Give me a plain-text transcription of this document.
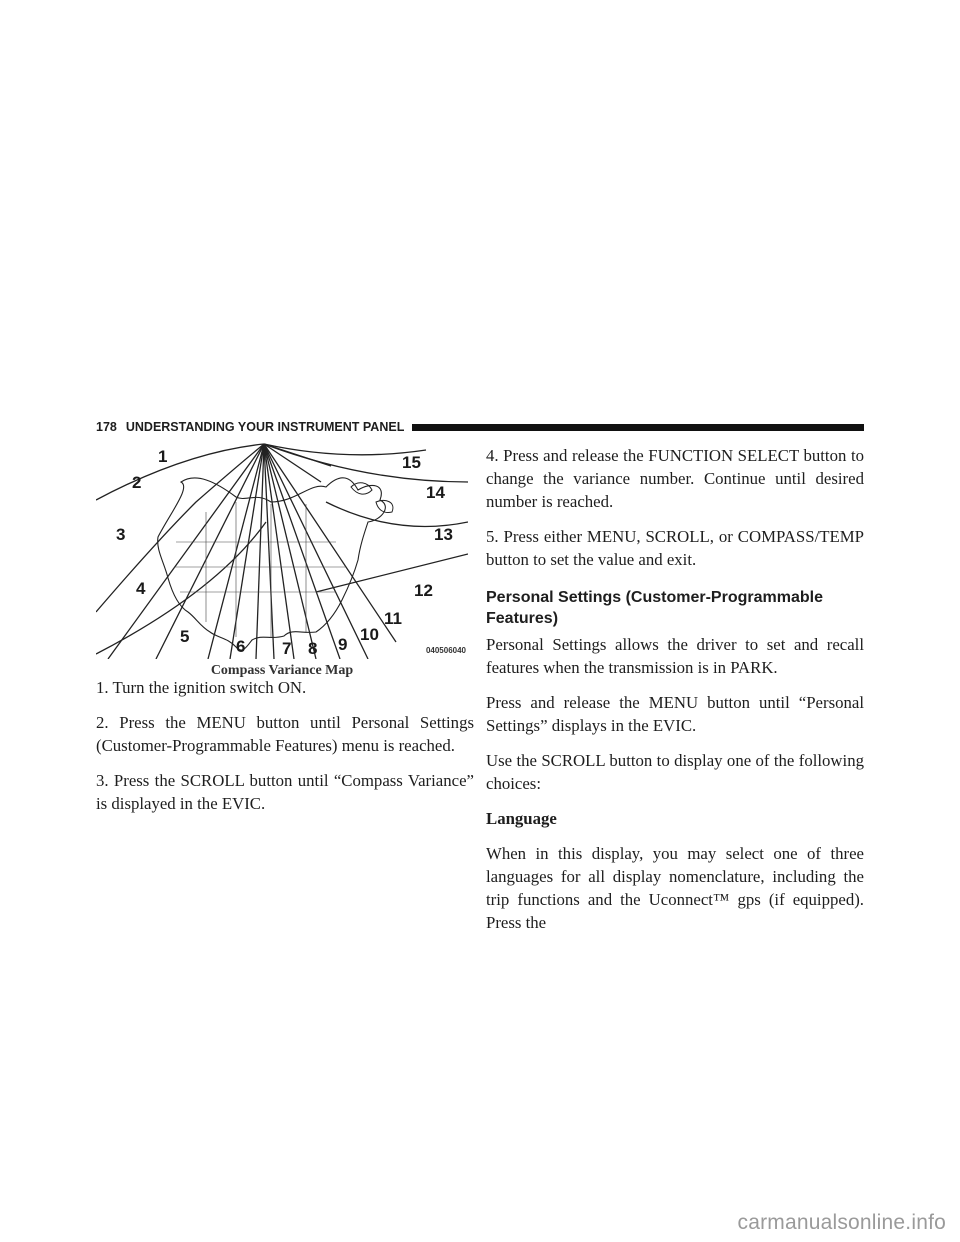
178 UNDERSTANDING YOUR INSTRUMENT PANEL
1
2
3
4
5
6 7 8 9
10
11
12
13
14
15
040506040
Compass Variance Map

1. Turn the ignition switch ON.

2. Press the MENU button until Personal Settings (Customer-Programmable Features) menu is reached.

3. Press the SCROLL button until “Compass Variance” is displayed in the EVIC.

4. Press and release the FUNCTION SELECT button to change the variance number. Continue until desired number is reached.

5. Press either MENU, SCROLL, or COMPASS/TEMP button to set the value and exit.

Personal Settings (Customer-Programmable Features)

Personal Settings allows the driver to set and recall features when the transmission is in PARK.

Press and release the MENU button until “Personal Settings” displays in the EVIC.

Use the SCROLL button to display one of the following choices:

Language

When in this display, you may select one of three languages for all display nomenclature, including the trip functions and the Uconnect™ gps (if equipped). Press the

carmanualsonline.info
